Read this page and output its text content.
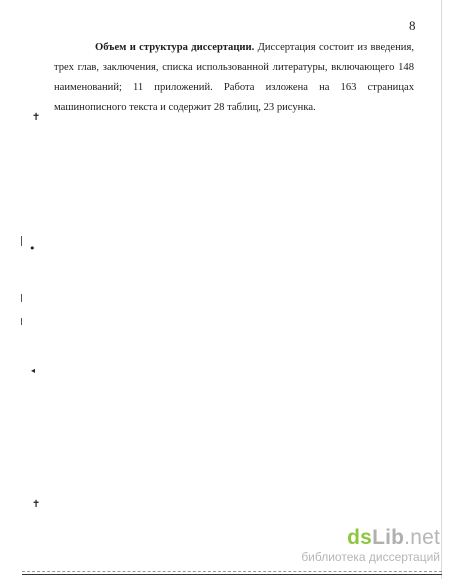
8

Объем и структура диссертации. Диссертация состоит из введения, трех глав, заключения, списка использованной литературы, включающего 148 наименований; 11 приложений. Работа изложена на 163 страницах машинописного текста и содержит 28 таблиц, 23 рисунка.

✝
•
◂
✝
dsLib.net
библиотека диссертаций
